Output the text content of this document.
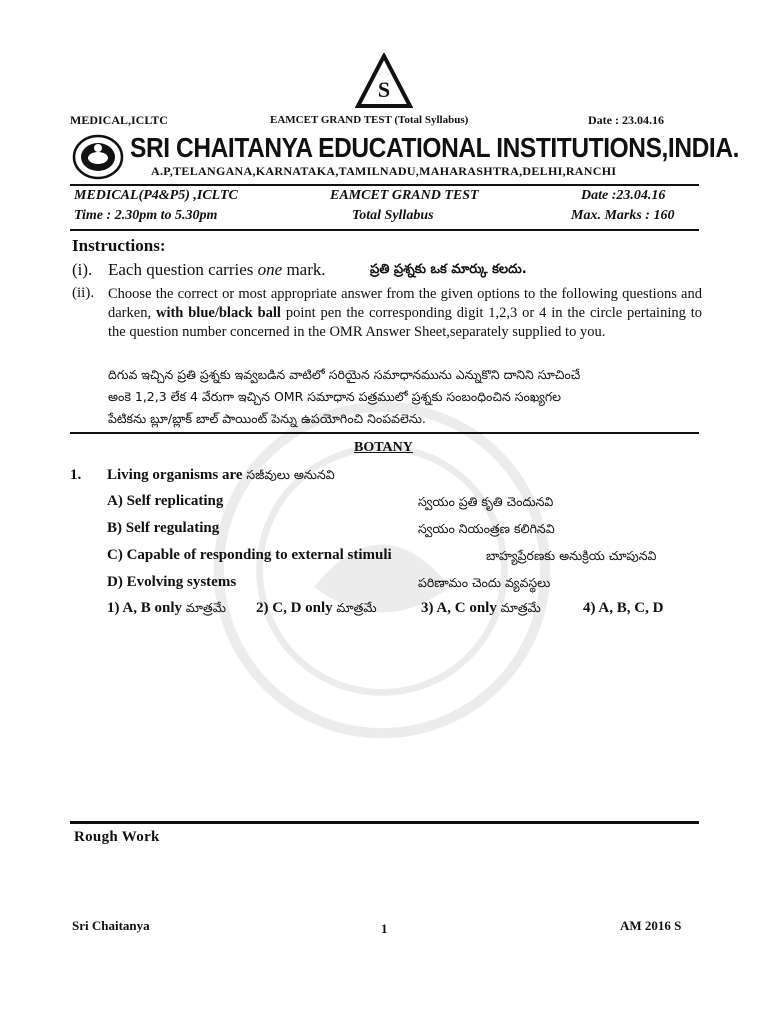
S
MEDICAL,ICLTC	EAMCET GRAND TEST (Total Syllabus)	Date : 23.04.16
SRI CHAITANYA EDUCATIONAL INSTITUTIONS,INDIA.
A.P,TELANGANA,KARNATAKA,TAMILNADU,MAHARASHTRA,DELHI,RANCHI
MEDICAL(P4&P5) ,ICLTC	EAMCET GRAND TEST	Date :23.04.16
Time : 2.30pm to 5.30pm	Total Syllabus	Max. Marks : 160
Instructions:
(i). Each question carries one mark.	ప్రతి ప్రశ్నకు ఒక మార్కు కలదు.
(ii). Choose the correct or most appropriate answer from the given options to the following questions and darken, with blue/black ball point pen the corresponding digit 1,2,3 or 4 in the circle pertaining to the question number concerned in the OMR Answer Sheet,separately supplied to you.
దిగువ ఇచ్చిన ప్రతి ప్రశ్నకు ఇవ్వబడిన వాటిలో సరియైన సమాధానమును ఎన్నుకొని దానిని సూచించే
అంకె 1,2,3 లేక 4 వేరుగా ఇచ్చిన OMR సమాధాన పత్రములో ప్రశ్నకు సంబంధించిన సంఖ్యగల
పేటికను బ్లూ/బ్లాక్ బాల్ పాయింట్ పెన్ను ఉపయోగించి నింపవలెను.
BOTANY
1. Living organisms are సజీవులు అనునవి
A) Self replicating	స్వయం ప్రతి కృతి చెందునవి
B) Self regulating	స్వయం నియంత్రణ కలిగినవి
C) Capable of responding to external stimuli	బాహ్యప్రేరణకు అనుక్రియ చూపునవి
D) Evolving systems	పరిణామం చెందు వ్యవస్థలు
1) A, B only మాత్రమే 2) C, D only మాత్రమే	3) A, C only మాత్రమే	4) A, B, C, D
Rough Work
Sri Chaitanya	1	AM 2016 S
